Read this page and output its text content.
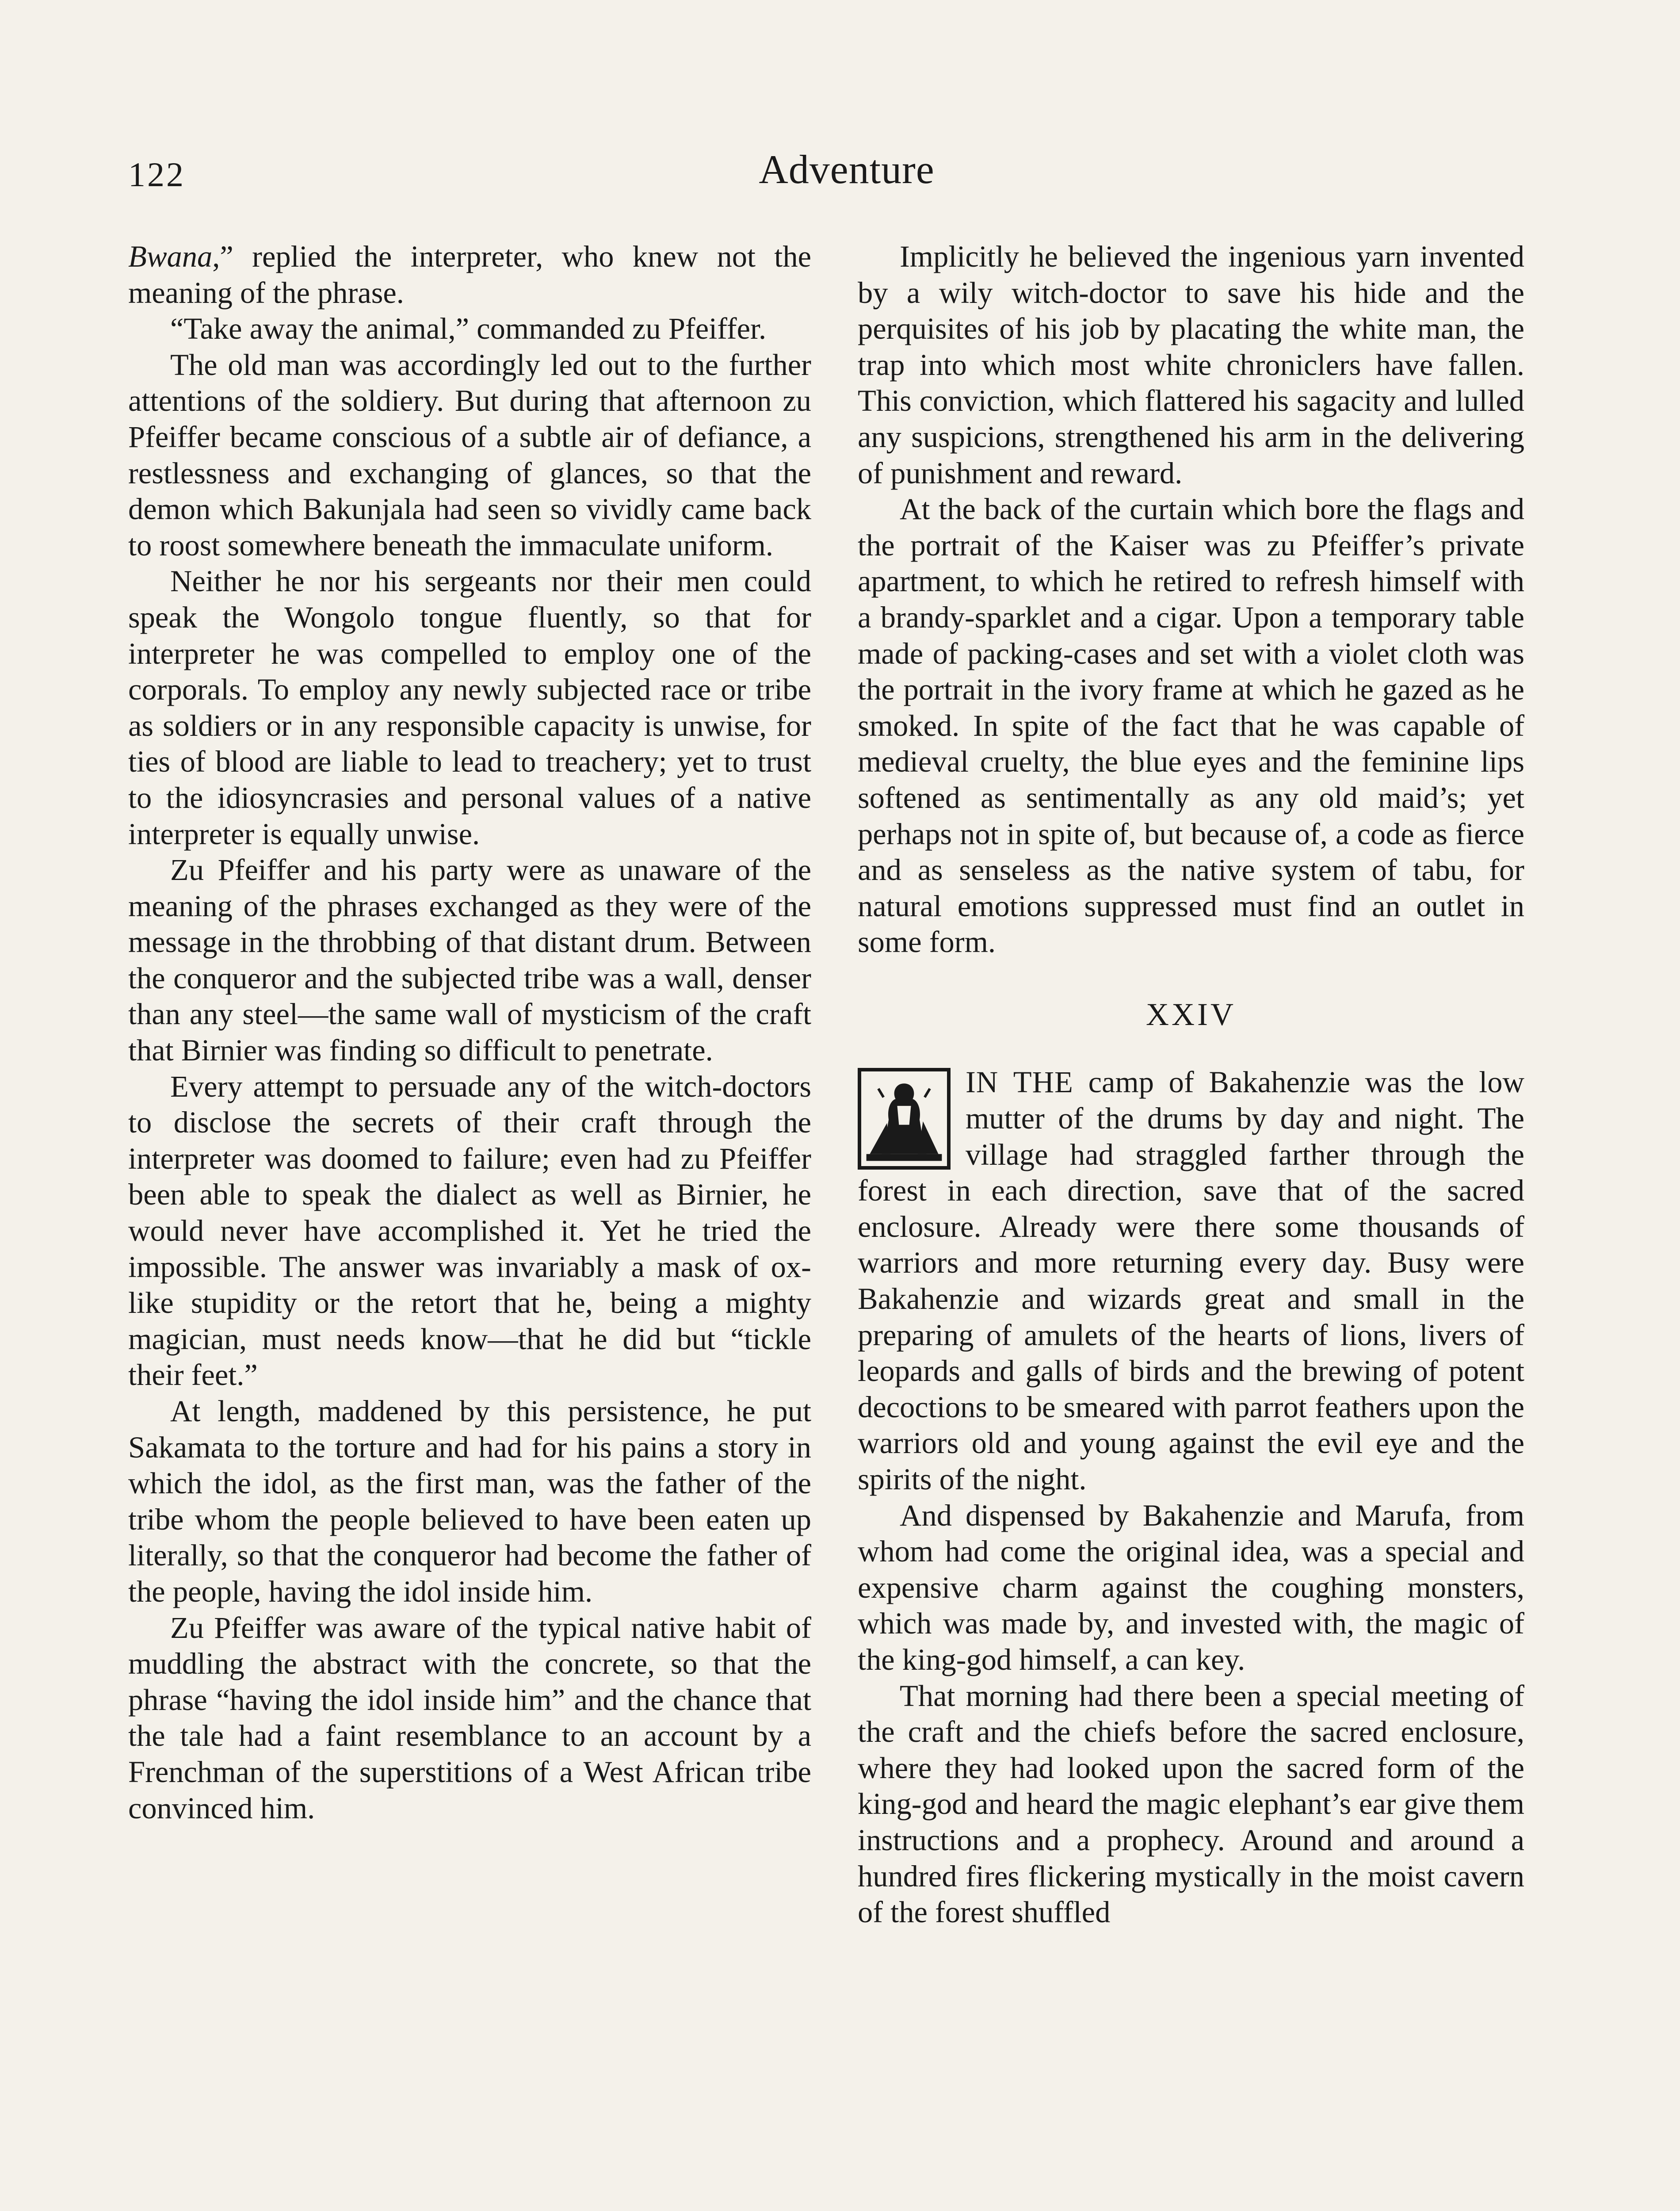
122	Adventure

Bwana,” replied the interpreter, who knew not the meaning of the phrase.

“Take away the animal,” commanded zu Pfeiffer.

The old man was accordingly led out to the further attentions of the soldiery. But during that afternoon zu Pfeiffer became conscious of a subtle air of defiance, a restlessness and exchanging of glances, so that the demon which Bakunjala had seen so vividly came back to roost somewhere beneath the immaculate uniform.

Neither he nor his sergeants nor their men could speak the Wongolo tongue fluently, so that for interpreter he was compelled to employ one of the corporals. To employ any newly subjected race or tribe as soldiers or in any responsible capacity is unwise, for ties of blood are liable to lead to treachery; yet to trust to the idiosyncrasies and personal values of a native interpreter is equally unwise.

Zu Pfeiffer and his party were as unaware of the meaning of the phrases exchanged as they were of the message in the throbbing of that distant drum. Between the conqueror and the subjected tribe was a wall, denser than any steel—the same wall of mysticism of the craft that Birnier was finding so difficult to penetrate.

Every attempt to persuade any of the witch-doctors to disclose the secrets of their craft through the interpreter was doomed to failure; even had zu Pfeiffer been able to speak the dialect as well as Birnier, he would never have accomplished it. Yet he tried the impossible. The answer was invariably a mask of ox-like stupidity or the retort that he, being a mighty magician, must needs know—that he did but “tickle their feet.”

At length, maddened by this persistence, he put Sakamata to the torture and had for his pains a story in which the idol, as the first man, was the father of the tribe whom the people believed to have been eaten up literally, so that the conqueror had become the father of the people, having the idol inside him.

Zu Pfeiffer was aware of the typical native habit of muddling the abstract with the concrete, so that the phrase “having the idol inside him” and the chance that the tale had a faint resemblance to an account by a Frenchman of the superstitions of a West African tribe convinced him.

Implicitly he believed the ingenious yarn invented by a wily witch-doctor to save his hide and the perquisites of his job by placating the white man, the trap into which most white chroniclers have fallen. This conviction, which flattered his sagacity and lulled any suspicions, strengthened his arm in the delivering of punishment and reward.

At the back of the curtain which bore the flags and the portrait of the Kaiser was zu Pfeiffer’s private apartment, to which he retired to refresh himself with a brandy-sparklet and a cigar. Upon a temporary table made of packing-cases and set with a violet cloth was the portrait in the ivory frame at which he gazed as he smoked. In spite of the fact that he was capable of medieval cruelty, the blue eyes and the feminine lips softened as sentimentally as any old maid’s; yet perhaps not in spite of, but because of, a code as fierce and as senseless as the native system of tabu, for natural emotions suppressed must find an outlet in some form.

XXIV

IN THE camp of Bakahenzie was the low mutter of the drums by day and night. The village had straggled farther through the forest in each direction, save that of the sacred enclosure. Already were there some thousands of warriors and more returning every day. Busy were Bakahenzie and wizards great and small in the preparing of amulets of the hearts of lions, livers of leopards and galls of birds and the brewing of potent decoctions to be smeared with parrot feathers upon the warriors old and young against the evil eye and the spirits of the night.

And dispensed by Bakahenzie and Marufa, from whom had come the original idea, was a special and expensive charm against the coughing monsters, which was made by, and invested with, the magic of the king-god himself, a can key.

That morning had there been a special meeting of the craft and the chiefs before the sacred enclosure, where they had looked upon the sacred form of the king-god and heard the magic elephant’s ear give them instructions and a prophecy. Around and around a hundred fires flickering mystically in the moist cavern of the forest shuffled
